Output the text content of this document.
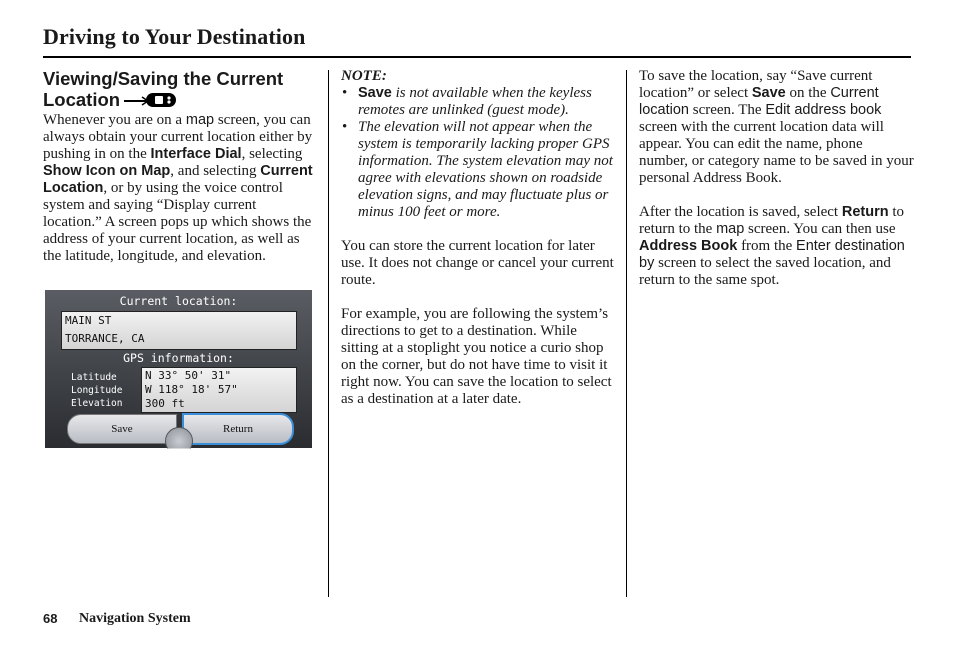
Driving to Your Destination
Viewing/Saving the Current Location

Whenever you are on a map screen, you can always obtain your current location either by pushing in on the Interface Dial, selecting Show Icon on Map, and selecting Current Location, or by using the voice control system and saying “Display current location.” A screen pops up which shows the address of your current location, as well as the latitude, longitude, and elevation.

Current location:
MAIN ST
TORRANCE, CA
GPS information:
Latitude
Longitude
Elevation
N 33° 50' 31"
W 118° 18' 57"
300 ft
Save	Return

NOTE:

• Save is not available when the keyless remotes are unlinked (guest mode).

• The elevation will not appear when the system is temporarily lacking proper GPS information. The system elevation may not agree with elevations shown on roadside elevation signs, and may fluctuate plus or minus 100 feet or more.

You can store the current location for later use. It does not change or cancel your current route.

For example, you are following the system’s directions to get to a destination. While sitting at a stoplight you notice a curio shop on the corner, but do not have time to visit it right now. You can save the location to select as a destination at a later date.

To save the location, say “Save current location” or select Save on the Current location screen. The Edit address book screen with the current location data will appear. You can edit the name, phone number, or category name to be saved in your personal Address Book.

After the location is saved, select Return to return to the map screen. You can then use Address Book from the Enter destination by screen to select the saved location, and return to the same spot.

68 Navigation System
